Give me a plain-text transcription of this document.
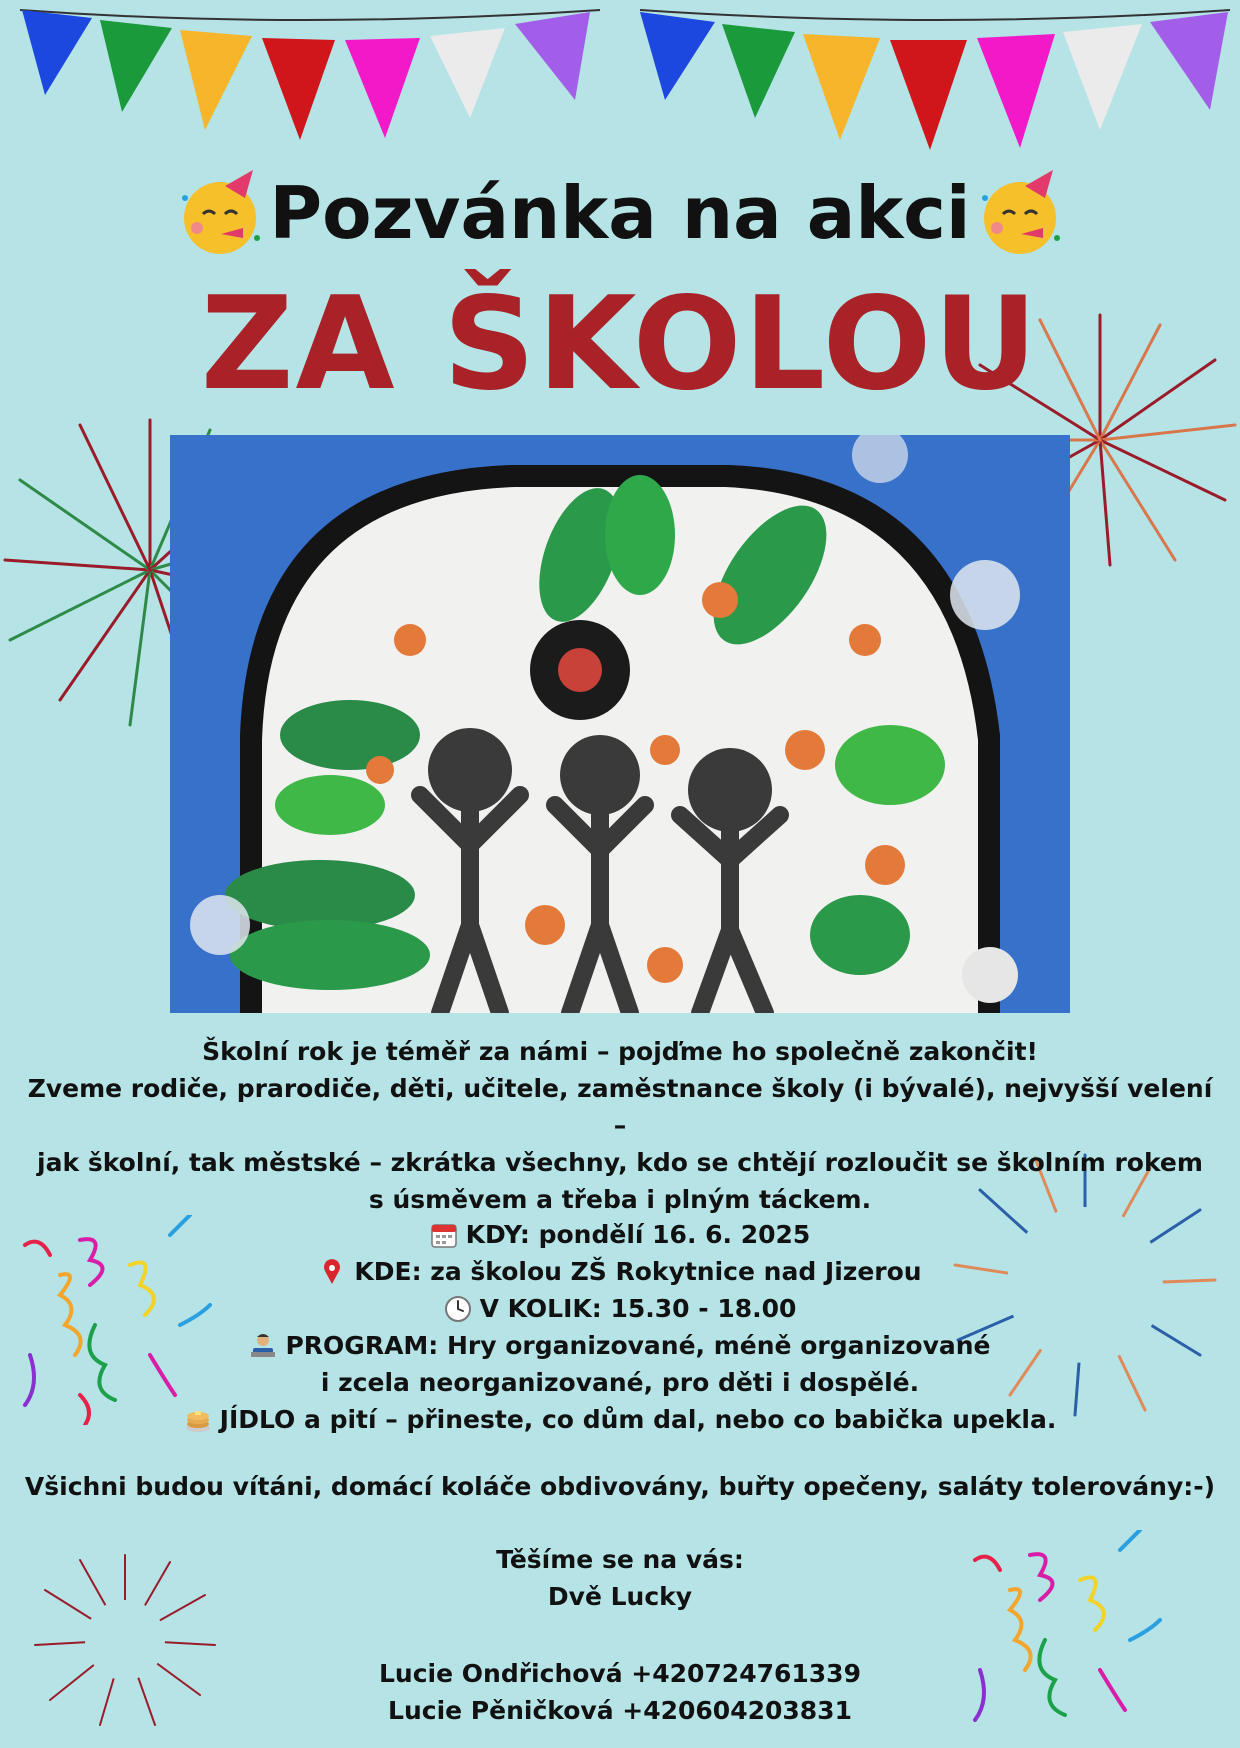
Pozvánka na akci
ZA ŠKOLOU
Školní rok je téměř za námi – pojďme ho společně zakončit!
Zveme rodiče, prarodiče, děti, učitele, zaměstnance školy (i bývalé), nejvyšší velení –
jak školní, tak městské – zkrátka všechny, kdo se chtějí rozloučit se školním rokem
s úsměvem a třeba i plným táckem.
KDY: pondělí 16. 6. 2025
KDE: za školou ZŠ Rokytnice nad Jizerou
V KOLIK: 15.30 - 18.00
PROGRAM: Hry organizované, méně organizované
i zcela neorganizované, pro děti i dospělé.
JÍDLO a pití – přineste, co dům dal, nebo co babička upekla.
Všichni budou vítáni, domácí koláče obdivovány, buřty opečeny, saláty tolerovány:-)
Těšíme se na vás:
Dvě Lucky
Lucie Ondřichová +420724761339
Lucie Pěničková +420604203831
